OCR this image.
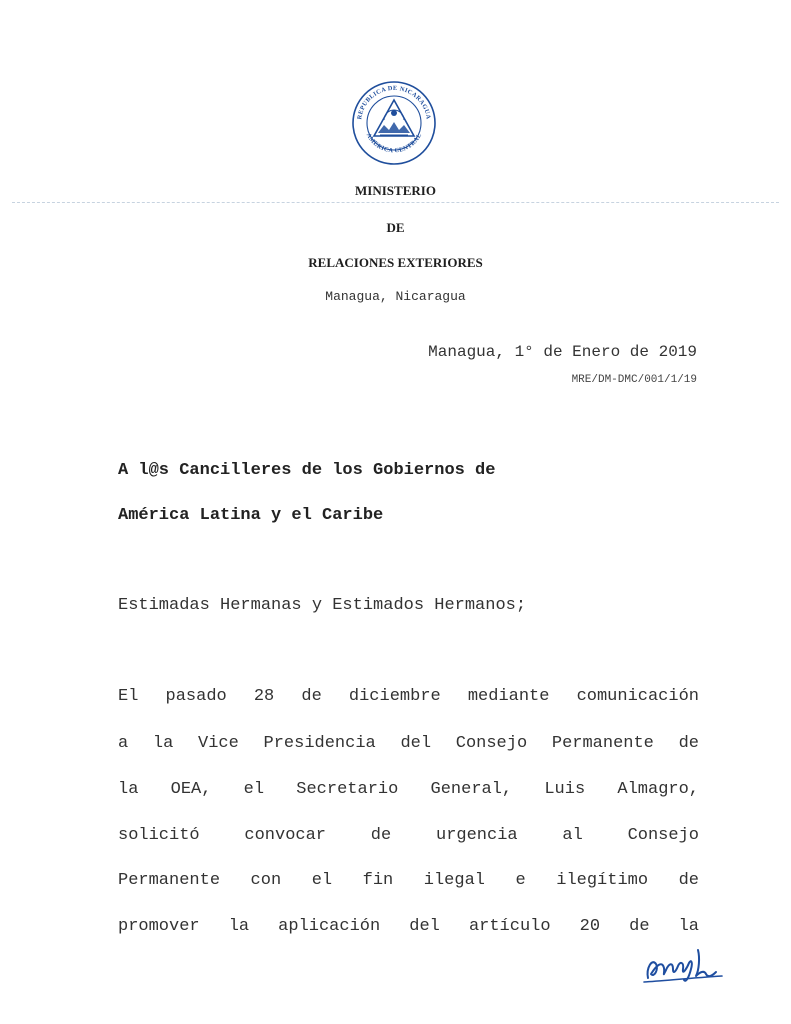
REPUBLICA DE NICARAGUA
AMERICA CENTRAL
MINISTERIO
DE
RELACIONES EXTERIORES
Managua, Nicaragua
Managua, 1° de Enero de 2019
MRE/DM-DMC/001/1/19
A l@s Cancilleres de los Gobiernos de
América Latina y el Caribe
Estimadas Hermanas y Estimados Hermanos;
El pasado 28 de diciembre mediante comunicación
a la Vice Presidencia del Consejo Permanente de
la OEA, el Secretario General, Luis Almagro,
solicitó convocar de urgencia al Consejo
Permanente con el fin ilegal e ilegítimo de
promover la aplicación del artículo 20 de la
